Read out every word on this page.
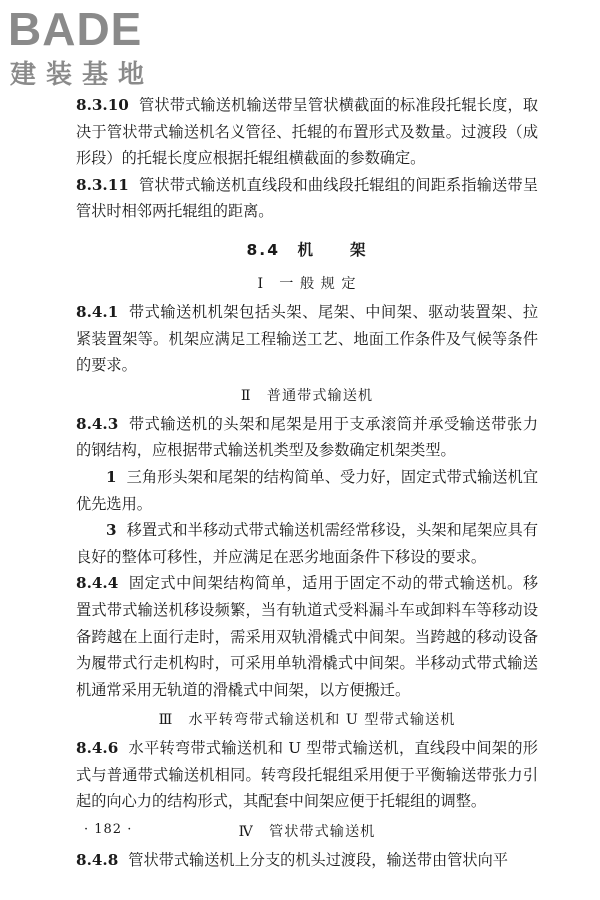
BADE
建装基地

8.3.10 管状带式输送机输送带呈管状横截面的标准段托辊长度，取决于管状带式输送机名义管径、托辊的布置形式及数量。过渡段（成形段）的托辊长度应根据托辊组横截面的参数确定。

8.3.11 管状带式输送机直线段和曲线段托辊组的间距系指输送带呈管状时相邻两托辊组的距离。

8.4　机　　架
Ⅰ　一 般 规 定

8.4.1 带式输送机机架包括头架、尾架、中间架、驱动装置架、拉紧装置架等。机架应满足工程输送工艺、地面工作条件及气候等条件的要求。

Ⅱ　普通带式输送机

8.4.3 带式输送机的头架和尾架是用于支承滚筒并承受输送带张力的钢结构，应根据带式输送机类型及参数确定机架类型。

1 三角形头架和尾架的结构简单、受力好，固定式带式输送机宜优先选用。

3 移置式和半移动式带式输送机需经常移设，头架和尾架应具有良好的整体可移性，并应满足在恶劣地面条件下移设的要求。

8.4.4 固定式中间架结构简单，适用于固定不动的带式输送机。移置式带式输送机移设频繁，当有轨道式受料漏斗车或卸料车等移动设备跨越在上面行走时，需采用双轨滑橇式中间架。当跨越的移动设备为履带式行走机构时，可采用单轨滑橇式中间架。半移动式带式输送机通常采用无轨道的滑橇式中间架，以方便搬迁。

Ⅲ　水平转弯带式输送机和 U 型带式输送机

8.4.6 水平转弯带式输送机和 U 型带式输送机，直线段中间架的形式与普通带式输送机相同。转弯段托辊组采用便于平衡输送带张力引起的向心力的结构形式，其配套中间架应便于托辊组的调整。

Ⅳ　管状带式输送机

8.4.8 管状带式输送机上分支的机头过渡段，输送带由管状向平

· 182 ·
